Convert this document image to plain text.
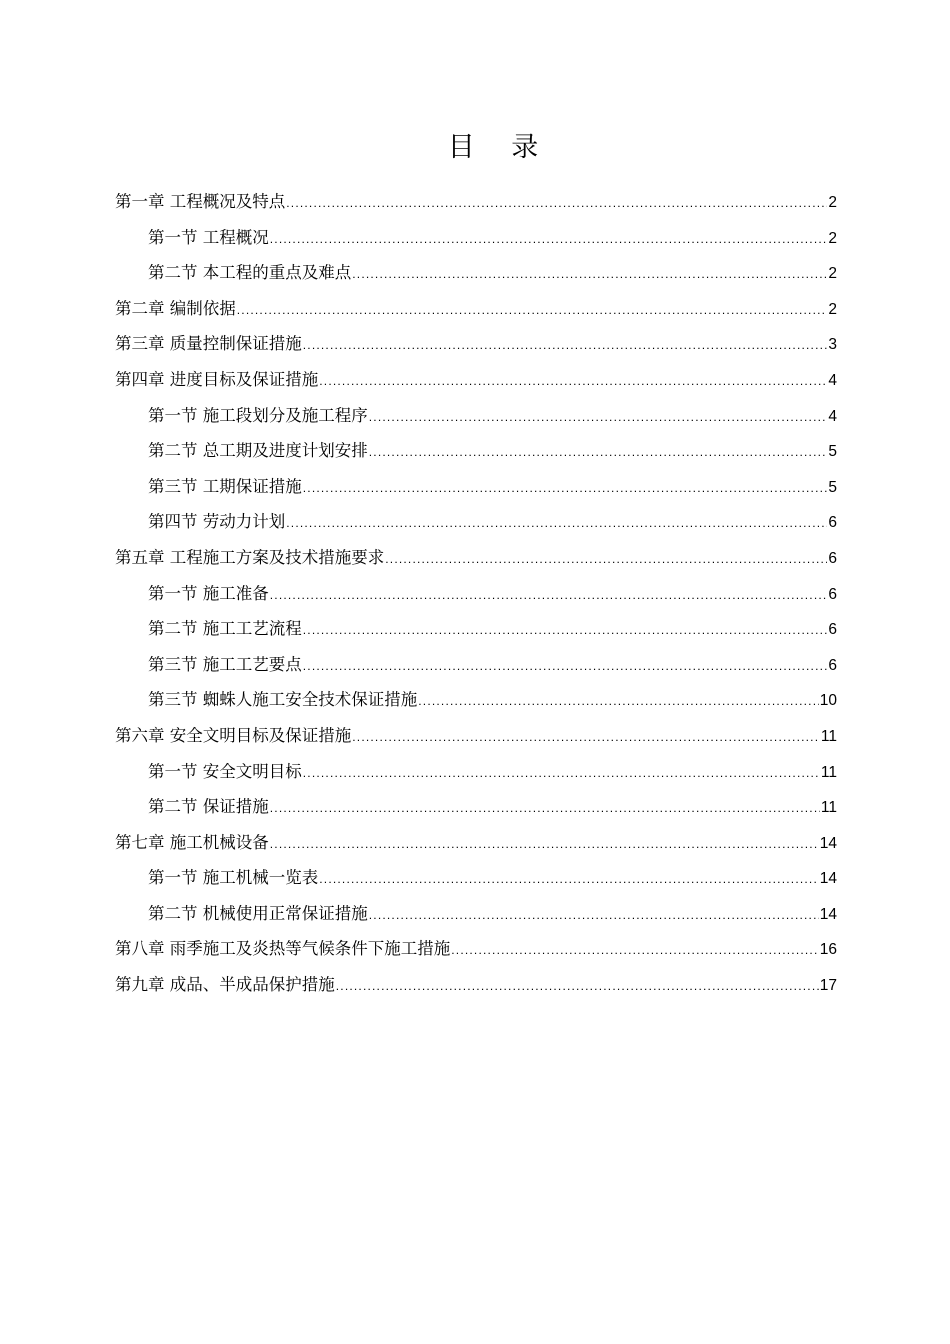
目 录
第一章 工程概况及特点 .....	2
第一节 工程概况 .....	2
第二节 本工程的重点及难点 .....	2
第二章 编制依据 .....	2
第三章 质量控制保证措施 .....	3
第四章 进度目标及保证措施 .....	4
第一节 施工段划分及施工程序 .....	4
第二节 总工期及进度计划安排 .....	5
第三节 工期保证措施 .....	5
第四节 劳动力计划 .....	6
第五章 工程施工方案及技术措施要求 .....	6
第一节 施工准备 .....	6
第二节 施工工艺流程 .....	6
第三节 施工工艺要点 .....	6
第三节 蜘蛛人施工安全技术保证措施 .....	10
第六章 安全文明目标及保证措施 .....	11
第一节 安全文明目标 .....	11
第二节 保证措施 .....	11
第七章 施工机械设备 .....	14
第一节 施工机械一览表 .....	14
第二节 机械使用正常保证措施 .....	14
第八章 雨季施工及炎热等气候条件下施工措施 .....	16
第九章 成品、半成品保护措施 .....	17
